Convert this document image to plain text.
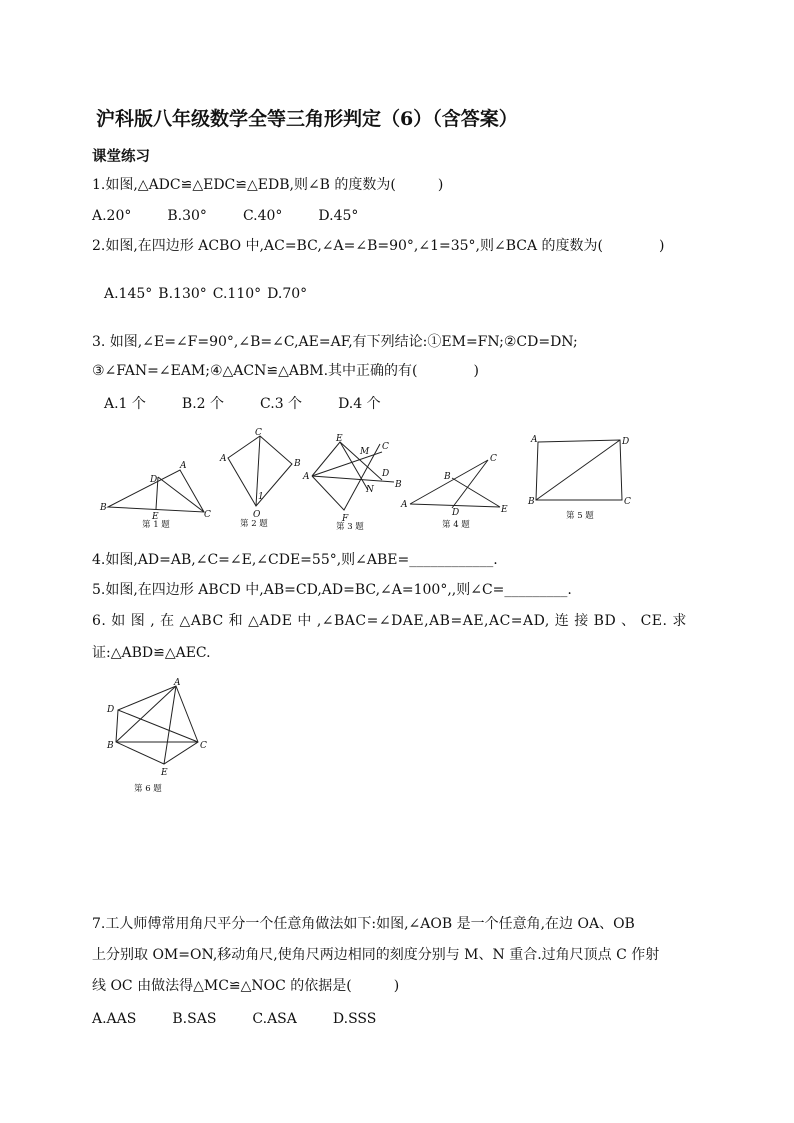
沪科版八年级数学全等三角形判定（6）（含答案）
课堂练习
1.如图,△ADC≌△EDC≌△EDB,则∠B 的度数为(　　　)
A.20°	B.30°	C.40°	D.45°
2.如图,在四边形 ACBO 中,AC=BC,∠A=∠B=90°,∠1=35°,则∠BCA 的度数为(　　　　)
A.145° B.130° C.110° D.70°
3. 如图,∠E=∠F=90°,∠B=∠C,AE=AF,有下列结论:①EM=FN;②CD=DN;
③∠FAN=∠EAM;④△ACN≌△ABM.其中正确的有(　　　　)
A.1 个	B.2 个	C.3 个	D.4 个
A
D
B
E	C
第 1 题
C
A	B
O
1
第 2 题
E
M C
A	D
B
N
F
第 3 题
C
B
A
D	E
第 4 题
A	D
B	C
第 5 题
4.如图,AD=AB,∠C=∠E,∠CDE=55°,则∠ABE=____________.
5.如图,在四边形 ABCD 中,AB=CD,AD=BC,∠A=100°,,则∠C=_________.
6. 如 图 , 在 △ABC 和 △ADE 中 ,∠BAC=∠DAE,AB=AE,AC=AD, 连 接 BD 、 CE. 求
证:△ABD≌△AEC.
A
D
B	C
E
第 6 题
7.工人师傅常用角尺平分一个任意角做法如下:如图,∠AOB 是一个任意角,在边 OA、OB
上分别取 OM=ON,移动角尺,使角尺两边相同的刻度分别与 M、N 重合.过角尺顶点 C 作射
线 OC 由做法得△MC≌△NOC 的依据是(　　　)
A.AAS	B.SAS	C.ASA	D.SSS
